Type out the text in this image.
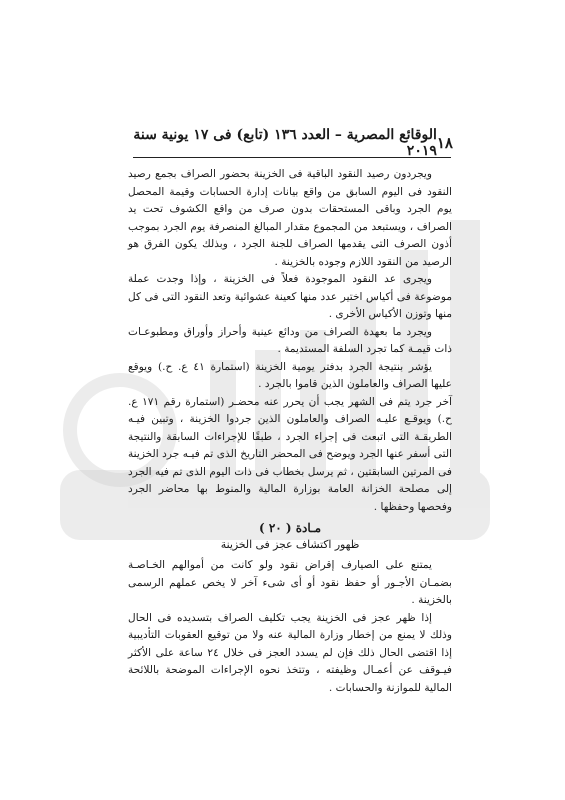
١٨
الوقائع المصرية – العدد ١٣٦ (تابع) فى ١٧ يونية سنة ٢٠١٩

ويجردون رصيد النقود الباقية فى الخزينة بحضور الصراف بجمع رصيد النقود فى اليوم السابق من واقع بيانات إدارة الحسابات وقيمة المحصل يوم الجرد وباقى المستحقات بدون صرف من واقع الكشوف تحت يد الصراف ، ويستبعد من المجموع مقدار المبالغ المنصرفة يوم الجرد بموجب أذون الصرف التى يقدمها الصراف للجنة الجرد ، وبذلك يكون الفرق هو الرصيد من النقود اللازم وجوده بالخزينة .

ويجرى عد النقود الموجودة فعلاً فى الخزينة ، وإذا وجدت عملة موضوعة فى أكياس اختير عدد منها كعينة عشوائية وتعد النقود التى فى كل منها وتوزن الأكياس الأخرى .

ويجرد ما بعهدة الصراف من ودائع عينية وأحراز وأوراق ومطبوعـات ذات قيمـة كما تجرد السلفة المستديمة .

يؤشر بنتيجة الجرد بدفتر يومية الخزينة (استمارة ٤١ ع. ح.) ويوقع عليها الصراف والعاملون الذين قاموا بالجرد .

آخر جرد يتم فى الشهر يجب أن يحرر عنه محضـر (استمارة رقم ١٧١ ع. ح.) ويوقـع عليـه الصراف والعاملون الذين جردوا الخزينة ، وتبين فيـه الطريقـة التى اتبعت فى إجراء الجرد ، طبقًا للإجراءات السابقة والنتيجة التى أسفر عنها الجرد ويوضح فى المحضر التاريخ الذى تم فيـه جرد الخزينة فى المرتين السابقتين ، ثم يرسل بخطاب فى ذات اليوم الذى تم فيه الجرد إلى مصلحة الخزانة العامة بوزارة المالية والمنوط بها محاضر الجرد وفحصها وحفظها .

مـادة ( ٢٠ )
ظهور اكتشاف عجز فى الخزينة

يمتنع على الصيارف إقراض نقود ولو كانت من أموالهم الخـاصـة بضمـان الأجـور أو حفظ نقود أو أى شىء آخر لا يخص عملهم الرسمى بالخزينة .

إذا ظهر عجز فى الخزينة يجب تكليف الصراف بتسديده فى الحال وذلك لا يمنع من إخطار وزارة المالية عنه ولا من توقيع العقوبات التأديبية إذا اقتضى الحال ذلك فإن لم يسدد العجز فى خلال ٢٤ ساعة على الأكثر فيـوقف عن أعمـال وظيفته ، وتتخذ نحوه الإجراءات الموضحة باللائحة المالية للموازنة والحسابات .
